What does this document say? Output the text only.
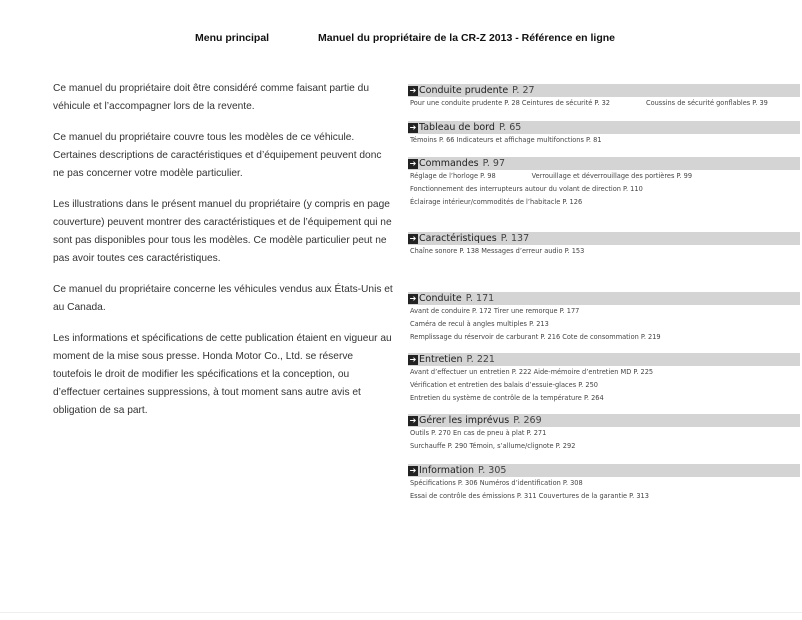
Menu principal	Manuel du propriétaire de la CR-Z 2013 - Référence en ligne

Ce manuel du propriétaire doit être considéré comme faisant partie du véhicule et l’accompagner lors de la revente.

Ce manuel du propriétaire couvre tous les modèles de ce véhicule. Certaines descriptions de caractéristiques et d’équipement peuvent donc ne pas concerner votre modèle particulier.

Les illustrations dans le présent manuel du propriétaire (y compris en page couverture) peuvent montrer des caractéristiques et de l’équipement qui ne sont pas disponibles pour tous les modèles. Ce modèle particulier peut ne pas avoir toutes ces caractéristiques.

Ce manuel du propriétaire concerne les véhicules vendus aux États-Unis et au Canada.

Les informations et spécifications de cette publication étaient en vigueur au moment de la mise sous presse. Honda Motor Co., Ltd. se réserve toutefois le droit de modifier les spécifications et la conception, ou d’effectuer certaines suppressions, à tout moment sans autre avis et obligation de sa part.

➔ Conduite prudente P. 27
Pour une conduite prudente P. 28 Ceintures de sécurité P. 32	Coussins de sécurité gonflables P. 39
➔ Tableau de bord P. 65
Témoins P. 66 Indicateurs et affichage multifonctions P. 81
➔ Commandes P. 97
Réglage de l’horloge P. 98	Verrouillage et déverrouillage des portières P. 99
Fonctionnement des interrupteurs autour du volant de direction P. 110
Éclairage intérieur/commodités de l’habitacle P. 126
➔ Caractéristiques P. 137
Chaîne sonore P. 138 Messages d’erreur audio P. 153
➔ Conduite P. 171
Avant de conduire P. 172 Tirer une remorque P. 177
Caméra de recul à angles multiples P. 213
Remplissage du réservoir de carburant P. 216 Cote de consommation P. 219
➔ Entretien P. 221
Avant d’effectuer un entretien P. 222 Aide-mémoire d’entretien MD P. 225
Vérification et entretien des balais d’essuie-glaces P. 250
Entretien du système de contrôle de la température P. 264
➔ Gérer les imprévus P. 269
Outils P. 270 En cas de pneu à plat P. 271
Surchauffe P. 290 Témoin, s’allume/clignote P. 292
➔ Information P. 305
Spécifications P. 306 Numéros d’identification P. 308
Essai de contrôle des émissions P. 311 Couvertures de la garantie P. 313
